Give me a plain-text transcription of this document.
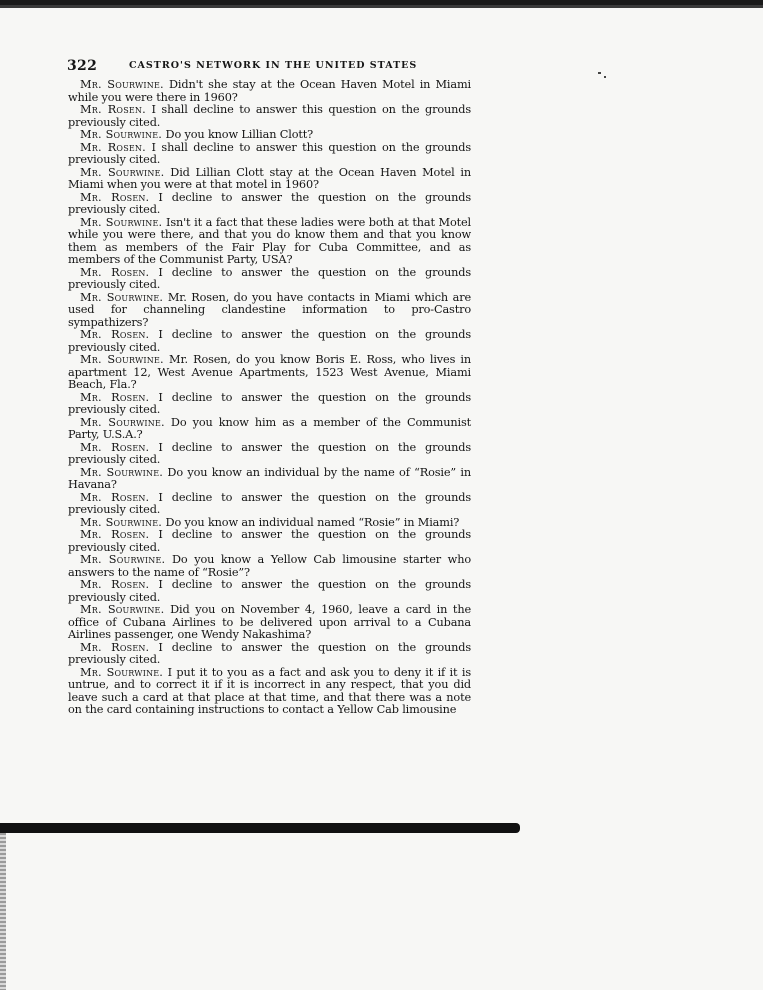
322	CASTRO'S NETWORK IN THE UNITED STATES

Mr. Sourwine. Didn't she stay at the Ocean Haven Motel in Miami while you were there in 1960?

Mr. Rosen. I shall decline to answer this question on the grounds previously cited.

Mr. Sourwine. Do you know Lillian Clott?

Mr. Rosen. I shall decline to answer this question on the grounds previously cited.

Mr. Sourwine. Did Lillian Clott stay at the Ocean Haven Motel in Miami when you were at that motel in 1960?

Mr. Rosen. I decline to answer the question on the grounds previously cited.

Mr. Sourwine. Isn't it a fact that these ladies were both at that Motel while you were there, and that you do know them and that you know them as members of the Fair Play for Cuba Committee, and as members of the Communist Party, USA?

Mr. Rosen. I decline to answer the question on the grounds previously cited.

Mr. Sourwine. Mr. Rosen, do you have contacts in Miami which are used for channeling clandestine information to pro-Castro sympathizers?

Mr. Rosen. I decline to answer the question on the grounds previously cited.

Mr. Sourwine. Mr. Rosen, do you know Boris E. Ross, who lives in apartment 12, West Avenue Apartments, 1523 West Avenue, Miami Beach, Fla.?

Mr. Rosen. I decline to answer the question on the grounds previously cited.

Mr. Sourwine. Do you know him as a member of the Communist Party, U.S.A.?

Mr. Rosen. I decline to answer the question on the grounds previously cited.

Mr. Sourwine. Do you know an individual by the name of “Rosie” in Havana?

Mr. Rosen. I decline to answer the question on the grounds previously cited.

Mr. Sourwine. Do you know an individual named “Rosie” in Miami?

Mr. Rosen. I decline to answer the question on the grounds previously cited.

Mr. Sourwine. Do you know a Yellow Cab limousine starter who answers to the name of “Rosie”?

Mr. Rosen. I decline to answer the question on the grounds previously cited.

Mr. Sourwine. Did you on November 4, 1960, leave a card in the office of Cubana Airlines to be delivered upon arrival to a Cubana Airlines passenger, one Wendy Nakashima?

Mr. Rosen. I decline to answer the question on the grounds previously cited.

Mr. Sourwine. I put it to you as a fact and ask you to deny it if it is untrue, and to correct it if it is incorrect in any respect, that you did leave such a card at that place at that time, and that there was a note on the card containing instructions to contact a Yellow Cab limousine
